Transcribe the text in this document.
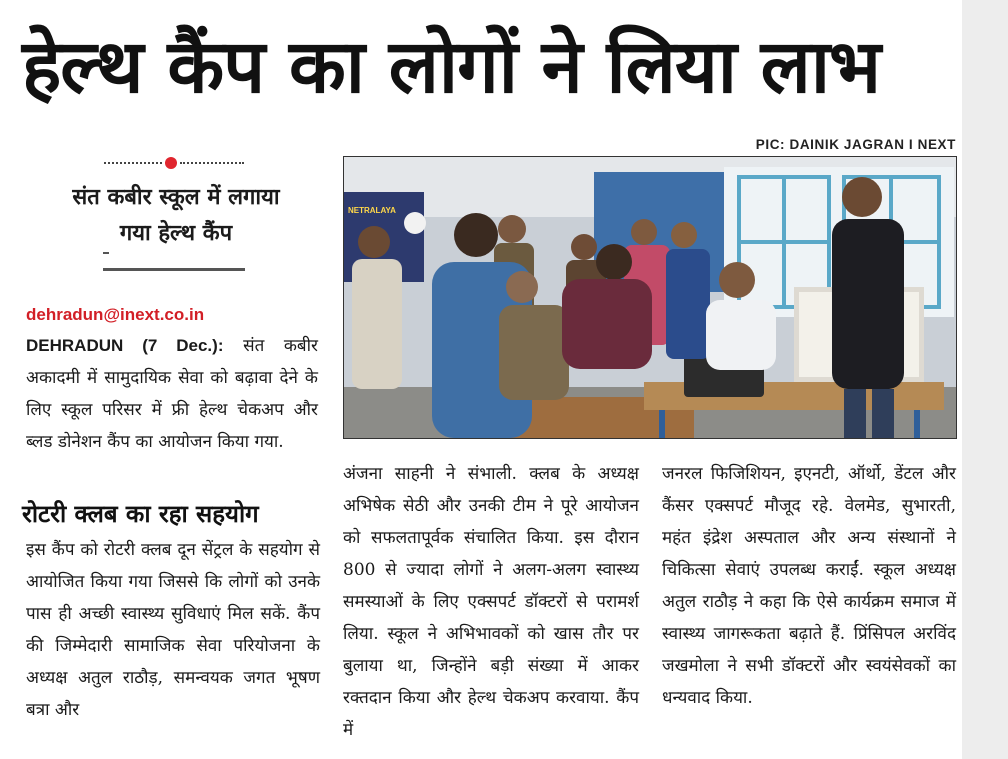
हेल्थ कैंप का लोगों ने लिया लाभ
PIC: DAINIK JAGRAN I NEXT
NETRALAYA
संत कबीर स्कूल में लगाया
गया हेल्थ कैंप
dehradun@inext.co.in

DEHRADUN (7 Dec.): संत कबीर अकादमी में सामुदायिक सेवा को बढ़ावा देने के लिए स्कूल परिसर में फ्री हेल्थ चेकअप और ब्लड डोनेशन कैंप का आयोजन किया गया.

रोटरी क्लब का रहा सहयोग

इस कैंप को रोटरी क्लब दून सेंट्रल के सहयोग से आयोजित किया गया जिससे कि लोगों को उनके पास ही अच्छी स्वास्थ्य सुविधाएं मिल सकें. कैंप की जिम्मेदारी सामाजिक सेवा परियोजना के अध्यक्ष अतुल राठौड़, समन्वयक जगत भूषण बत्रा और

अंजना साहनी ने संभाली. क्लब के अध्यक्ष अभिषेक सेठी और उनकी टीम ने पूरे आयोजन को सफलतापूर्वक संचालित किया. इस दौरान 800 से ज्यादा लोगों ने अलग-अलग स्वास्थ्य समस्याओं के लिए एक्सपर्ट डॉक्टरों से परामर्श लिया. स्कूल ने अभिभावकों को खास तौर पर बुलाया था, जिन्होंने बड़ी संख्या में आकर रक्तदान किया और हेल्थ चेकअप करवाया. कैंप में

जनरल फिजिशियन, इएनटी, ऑर्थो, डेंटल और कैंसर एक्सपर्ट मौजूद रहे. वेलमेड, सुभारती, महंत इंद्रेश अस्पताल और अन्य संस्थानों ने चिकित्सा सेवाएं उपलब्ध कराईं. स्कूल अध्यक्ष अतुल राठौड़ ने कहा कि ऐसे कार्यक्रम समाज में स्वास्थ्य जागरूकता बढ़ाते हैं. प्रिंसिपल अरविंद जखमोला ने सभी डॉक्टरों और स्वयंसेवकों का धन्यवाद किया.
